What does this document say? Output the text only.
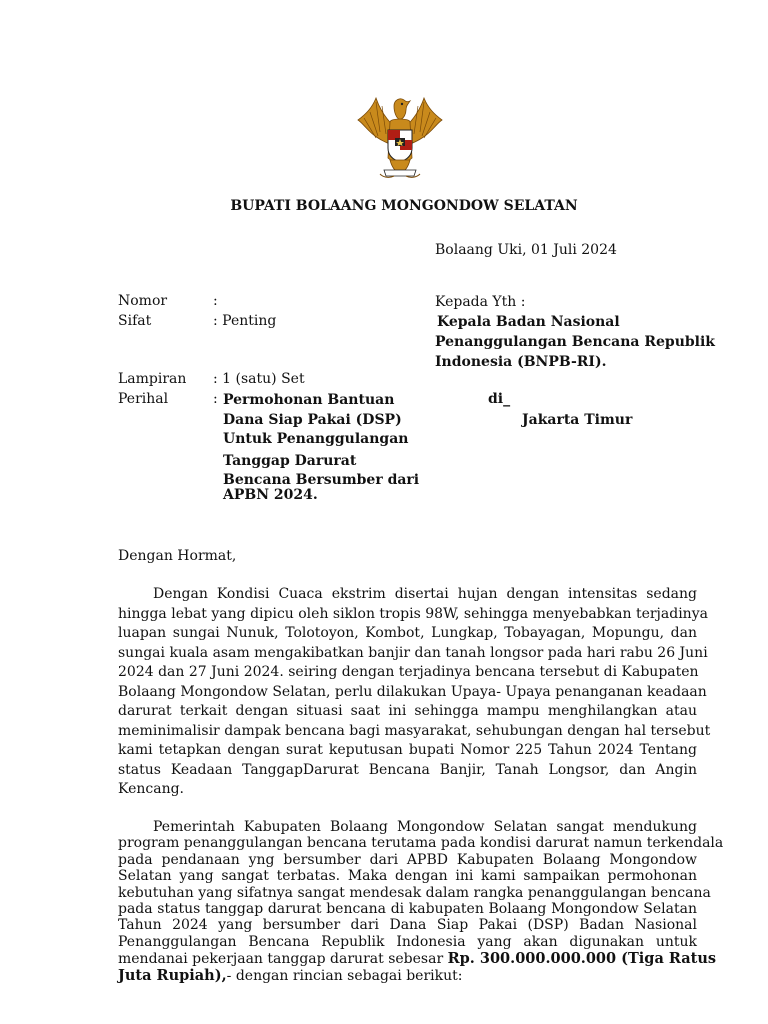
BUPATI BOLAANG MONGONDOW SELATAN
Bolaang Uki, 01 Juli 2024
Nomor	:
Sifat	: Penting
Lampiran : 1 (satu) Set
Perihal	: Permohonan Bantuan
Dana Siap Pakai (DSP)
Untuk Penanggulangan
Tanggap Darurat
Bencana Bersumber dari
APBN 2024.
Kepada Yth :
Kepala Badan Nasional
Penanggulangan Bencana Republik
Indonesia (BNPB-RI).
di_
Jakarta Timur
Dengan Hormat,
Dengan Kondisi Cuaca ekstrim disertai hujan dengan intensitas sedang
hingga lebat yang dipicu oleh siklon tropis 98W, sehingga menyebabkan terjadinya
luapan sungai Nunuk, Tolotoyon, Kombot, Lungkap, Tobayagan, Mopungu, dan
sungai kuala asam mengakibatkan banjir dan tanah longsor pada hari rabu 26 Juni
2024 dan 27 Juni 2024. seiring dengan terjadinya bencana tersebut di Kabupaten
Bolaang Mongondow Selatan, perlu dilakukan Upaya- Upaya penanganan keadaan
darurat terkait dengan situasi saat ini sehingga mampu menghilangkan atau
meminimalisir dampak bencana bagi masyarakat, sehubungan dengan hal tersebut
kami tetapkan dengan surat keputusan bupati Nomor 225 Tahun 2024 Tentang
status Keadaan TanggapDarurat Bencana Banjir, Tanah Longsor, dan Angin
Kencang.
Pemerintah Kabupaten Bolaang Mongondow Selatan sangat mendukung
program penanggulangan bencana terutama pada kondisi darurat namun terkendala
pada pendanaan yng bersumber dari APBD Kabupaten Bolaang Mongondow
Selatan yang sangat terbatas. Maka dengan ini kami sampaikan permohonan
kebutuhan yang sifatnya sangat mendesak dalam rangka penanggulangan bencana
pada status tanggap darurat bencana di kabupaten Bolaang Mongondow Selatan
Tahun 2024 yang bersumber dari Dana Siap Pakai (DSP) Badan Nasional
Penanggulangan Bencana Republik Indonesia yang akan digunakan untuk
mendanai pekerjaan tanggap darurat sebesar Rp. 300.000.000.000 (Tiga Ratus
Juta Rupiah),- dengan rincian sebagai berikut:
